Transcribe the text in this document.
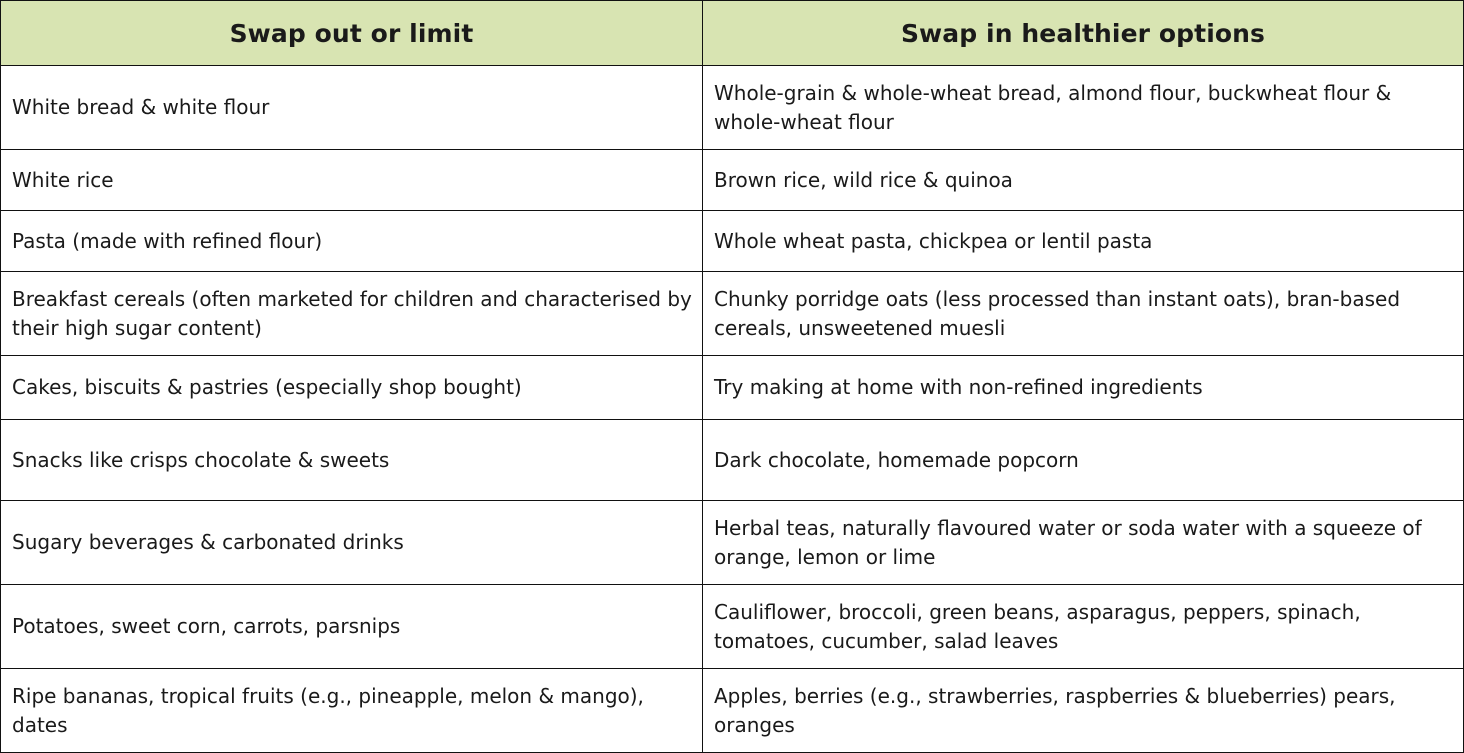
Swap out or limit	Swap in healthier options
White bread & white flour	Whole-grain & whole-wheat bread, almond flour, buckwheat flour & whole-wheat flour
White rice	Brown rice, wild rice & quinoa
Pasta (made with refined flour)	Whole wheat pasta, chickpea or lentil pasta
Breakfast cereals (often marketed for children and characterised by their high sugar content)	Chunky porridge oats (less processed than instant oats), bran-based cereals, unsweetened muesli
Cakes, biscuits & pastries (especially shop bought)	Try making at home with non-refined ingredients
Snacks like crisps chocolate & sweets	Dark chocolate, homemade popcorn
Sugary beverages & carbonated drinks	Herbal teas, naturally flavoured water or soda water with a squeeze of orange, lemon or lime
Potatoes, sweet corn, carrots, parsnips	Cauliflower, broccoli, green beans, asparagus, peppers, spinach, tomatoes, cucumber, salad leaves
Ripe bananas, tropical fruits (e.g., pineapple, melon & mango), dates	Apples, berries (e.g., strawberries, raspberries & blueberries) pears, oranges
